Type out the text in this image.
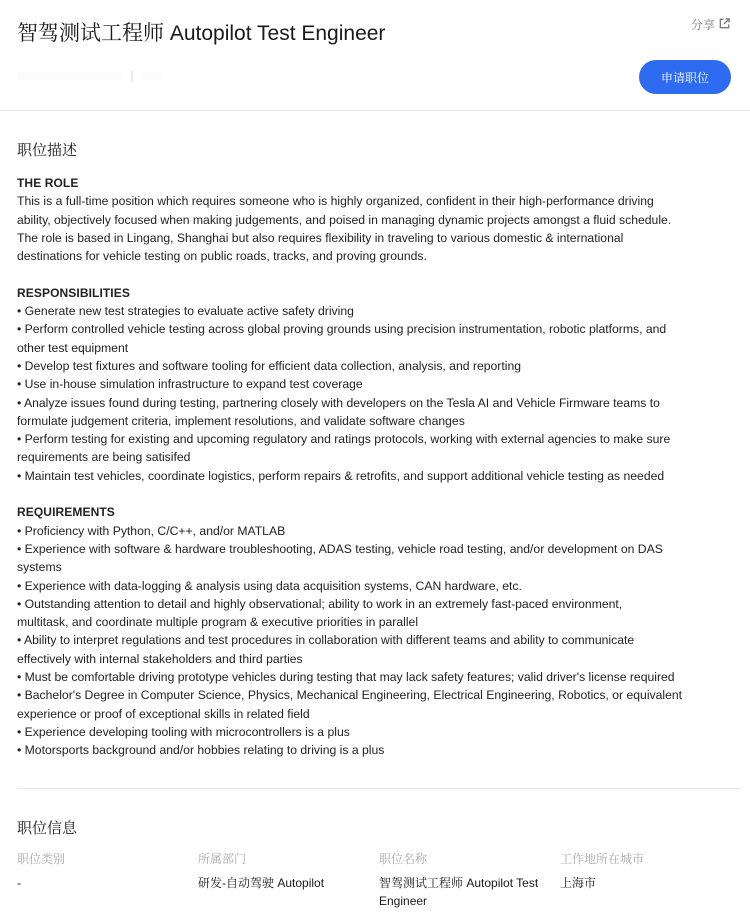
智驾测试工程师 Autopilot Test Engineer	分享
申请职位
职位描述
THE ROLE
This is a full-time position which requires someone who is highly organized, confident in their high-performance driving
ability, objectively focused when making judgements, and poised in managing dynamic projects amongst a fluid schedule.
The role is based in Lingang, Shanghai but also requires flexibility in traveling to various domestic & international
destinations for vehicle testing on public roads, tracks, and proving grounds.
RESPONSIBILITIES
• Generate new test strategies to evaluate active safety driving
• Perform controlled vehicle testing across global proving grounds using precision instrumentation, robotic platforms, and
other test equipment
• Develop test fixtures and software tooling for efficient data collection, analysis, and reporting
• Use in-house simulation infrastructure to expand test coverage
• Analyze issues found during testing, partnering closely with developers on the Tesla AI and Vehicle Firmware teams to
formulate judgement criteria, implement resolutions, and validate software changes
• Perform testing for existing and upcoming regulatory and ratings protocols, working with external agencies to make sure
requirements are being satisifed
• Maintain test vehicles, coordinate logistics, perform repairs & retrofits, and support additional vehicle testing as needed
REQUIREMENTS
• Proficiency with Python, C/C++, and/or MATLAB
• Experience with software & hardware troubleshooting, ADAS testing, vehicle road testing, and/or development on DAS
systems
• Experience with data-logging & analysis using data acquisition systems, CAN hardware, etc.
• Outstanding attention to detail and highly observational; ability to work in an extremely fast-paced environment,
multitask, and coordinate multiple program & executive priorities in parallel
• Ability to interpret regulations and test procedures in collaboration with different teams and ability to communicate
effectively with internal stakeholders and third parties
• Must be comfortable driving prototype vehicles during testing that may lack safety features; valid driver's license required
• Bachelor's Degree in Computer Science, Physics, Mechanical Engineering, Electrical Engineering, Robotics, or equivalent
experience or proof of exceptional skills in related field
• Experience developing tooling with microcontrollers is a plus
• Motorsports background and/or hobbies relating to driving is a plus
职位信息
职位类别
-
所属部门
研发-自动驾驶 Autopilot
职位名称
智驾测试工程师 Autopilot Test Engineer
工作地所在城市
上海市
